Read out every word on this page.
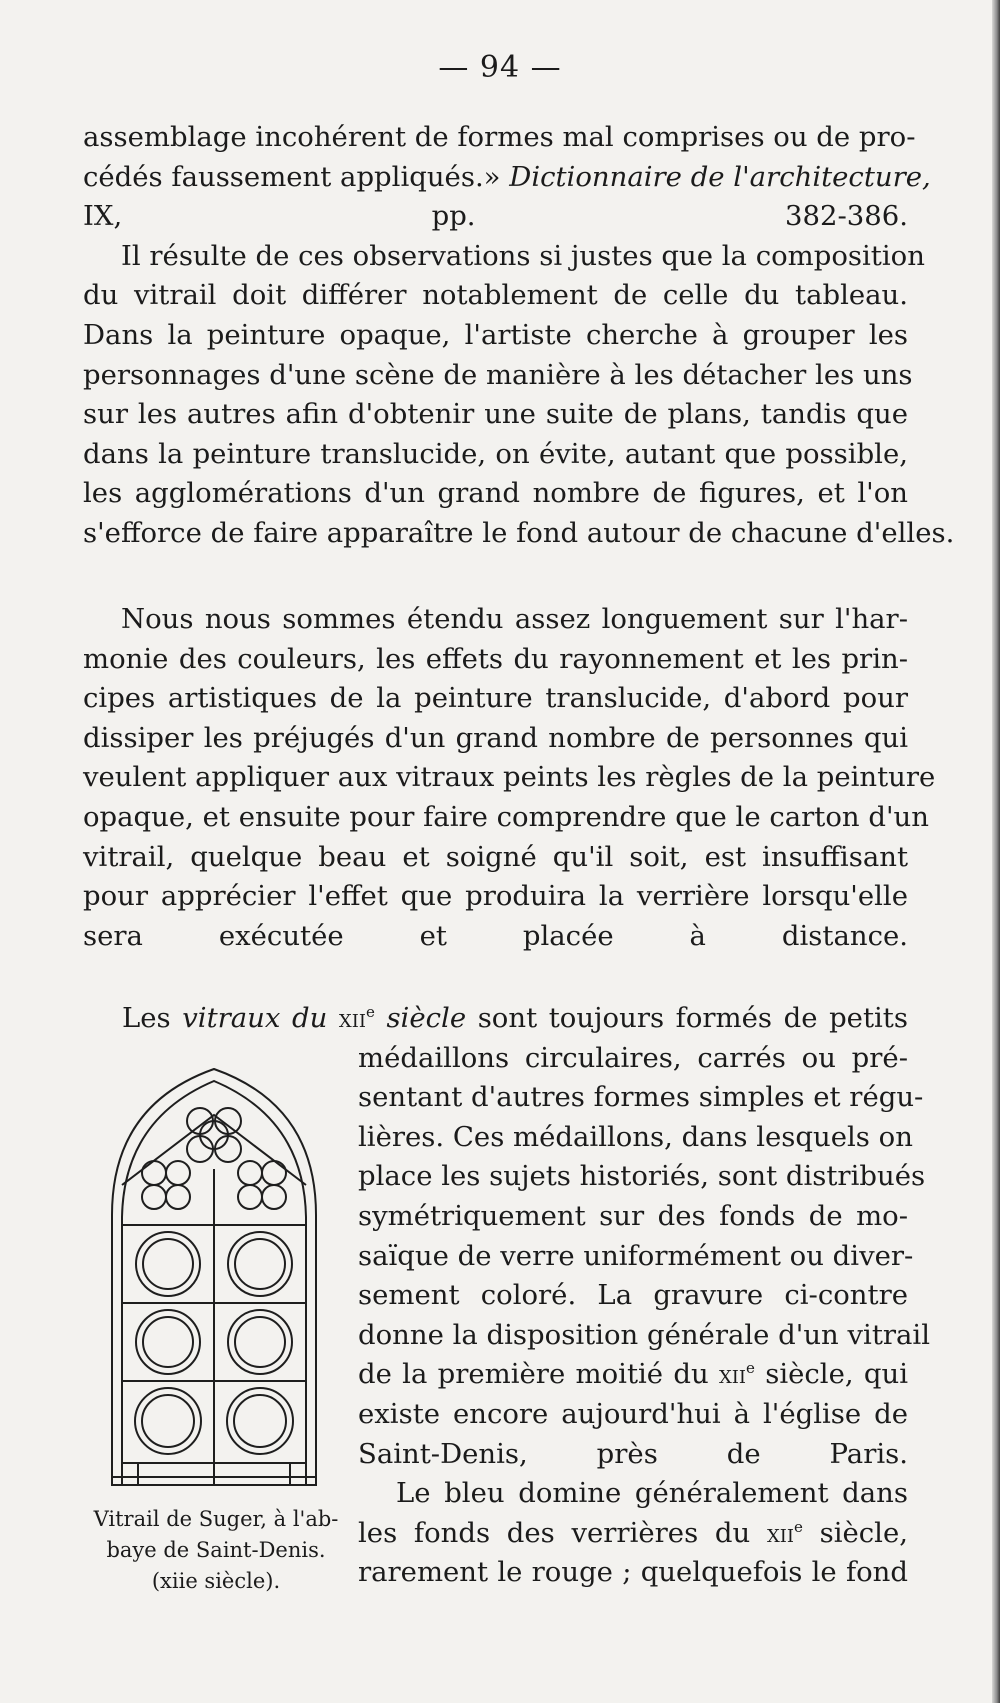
— 94 —
assemblage incohérent de formes mal comprises ou de pro-
cédés faussement appliqués.» Dictionnaire de l'architecture,
IX, pp. 382-386.
Il résulte de ces observations si justes que la composition
du vitrail doit différer notablement de celle du tableau.
Dans la peinture opaque, l'artiste cherche à grouper les
personnages d'une scène de manière à les détacher les uns
sur les autres afin d'obtenir une suite de plans, tandis que
dans la peinture translucide, on évite, autant que possible,
les agglomérations d'un grand nombre de figures, et l'on
s'efforce de faire apparaître le fond autour de chacune d'elles.
Nous nous sommes étendu assez longuement sur l'har-
monie des couleurs, les effets du rayonnement et les prin-
cipes artistiques de la peinture translucide, d'abord pour
dissiper les préjugés d'un grand nombre de personnes qui
veulent appliquer aux vitraux peints les règles de la peinture
opaque, et ensuite pour faire comprendre que le carton d'un
vitrail, quelque beau et soigné qu'il soit, est insuffisant
pour apprécier l'effet que produira la verrière lorsqu'elle
sera exécutée et placée à distance.
Les vitraux du xii$^e$ siècle sont toujours formés de petits
médaillons circulaires, carrés ou pré-
sentant d'autres formes simples et régu-
lières. Ces médaillons, dans lesquels on
place les sujets historiés, sont distribués
symétriquement sur des fonds de mo-
saïque de verre uniformément ou diver-
sement coloré. La gravure ci-contre
donne la disposition générale d'un vitrail
de la première moitié du xii$^e$ siècle, qui
existe encore aujourd'hui à l'église de
Saint-Denis, près de Paris.
Le bleu domine généralement dans
les fonds des verrières du xii$^e$ siècle,
rarement le rouge ; quelquefois le fond
Vitrail de Suger, à l'ab-
baye de Saint-Denis.
(xiie siècle).
